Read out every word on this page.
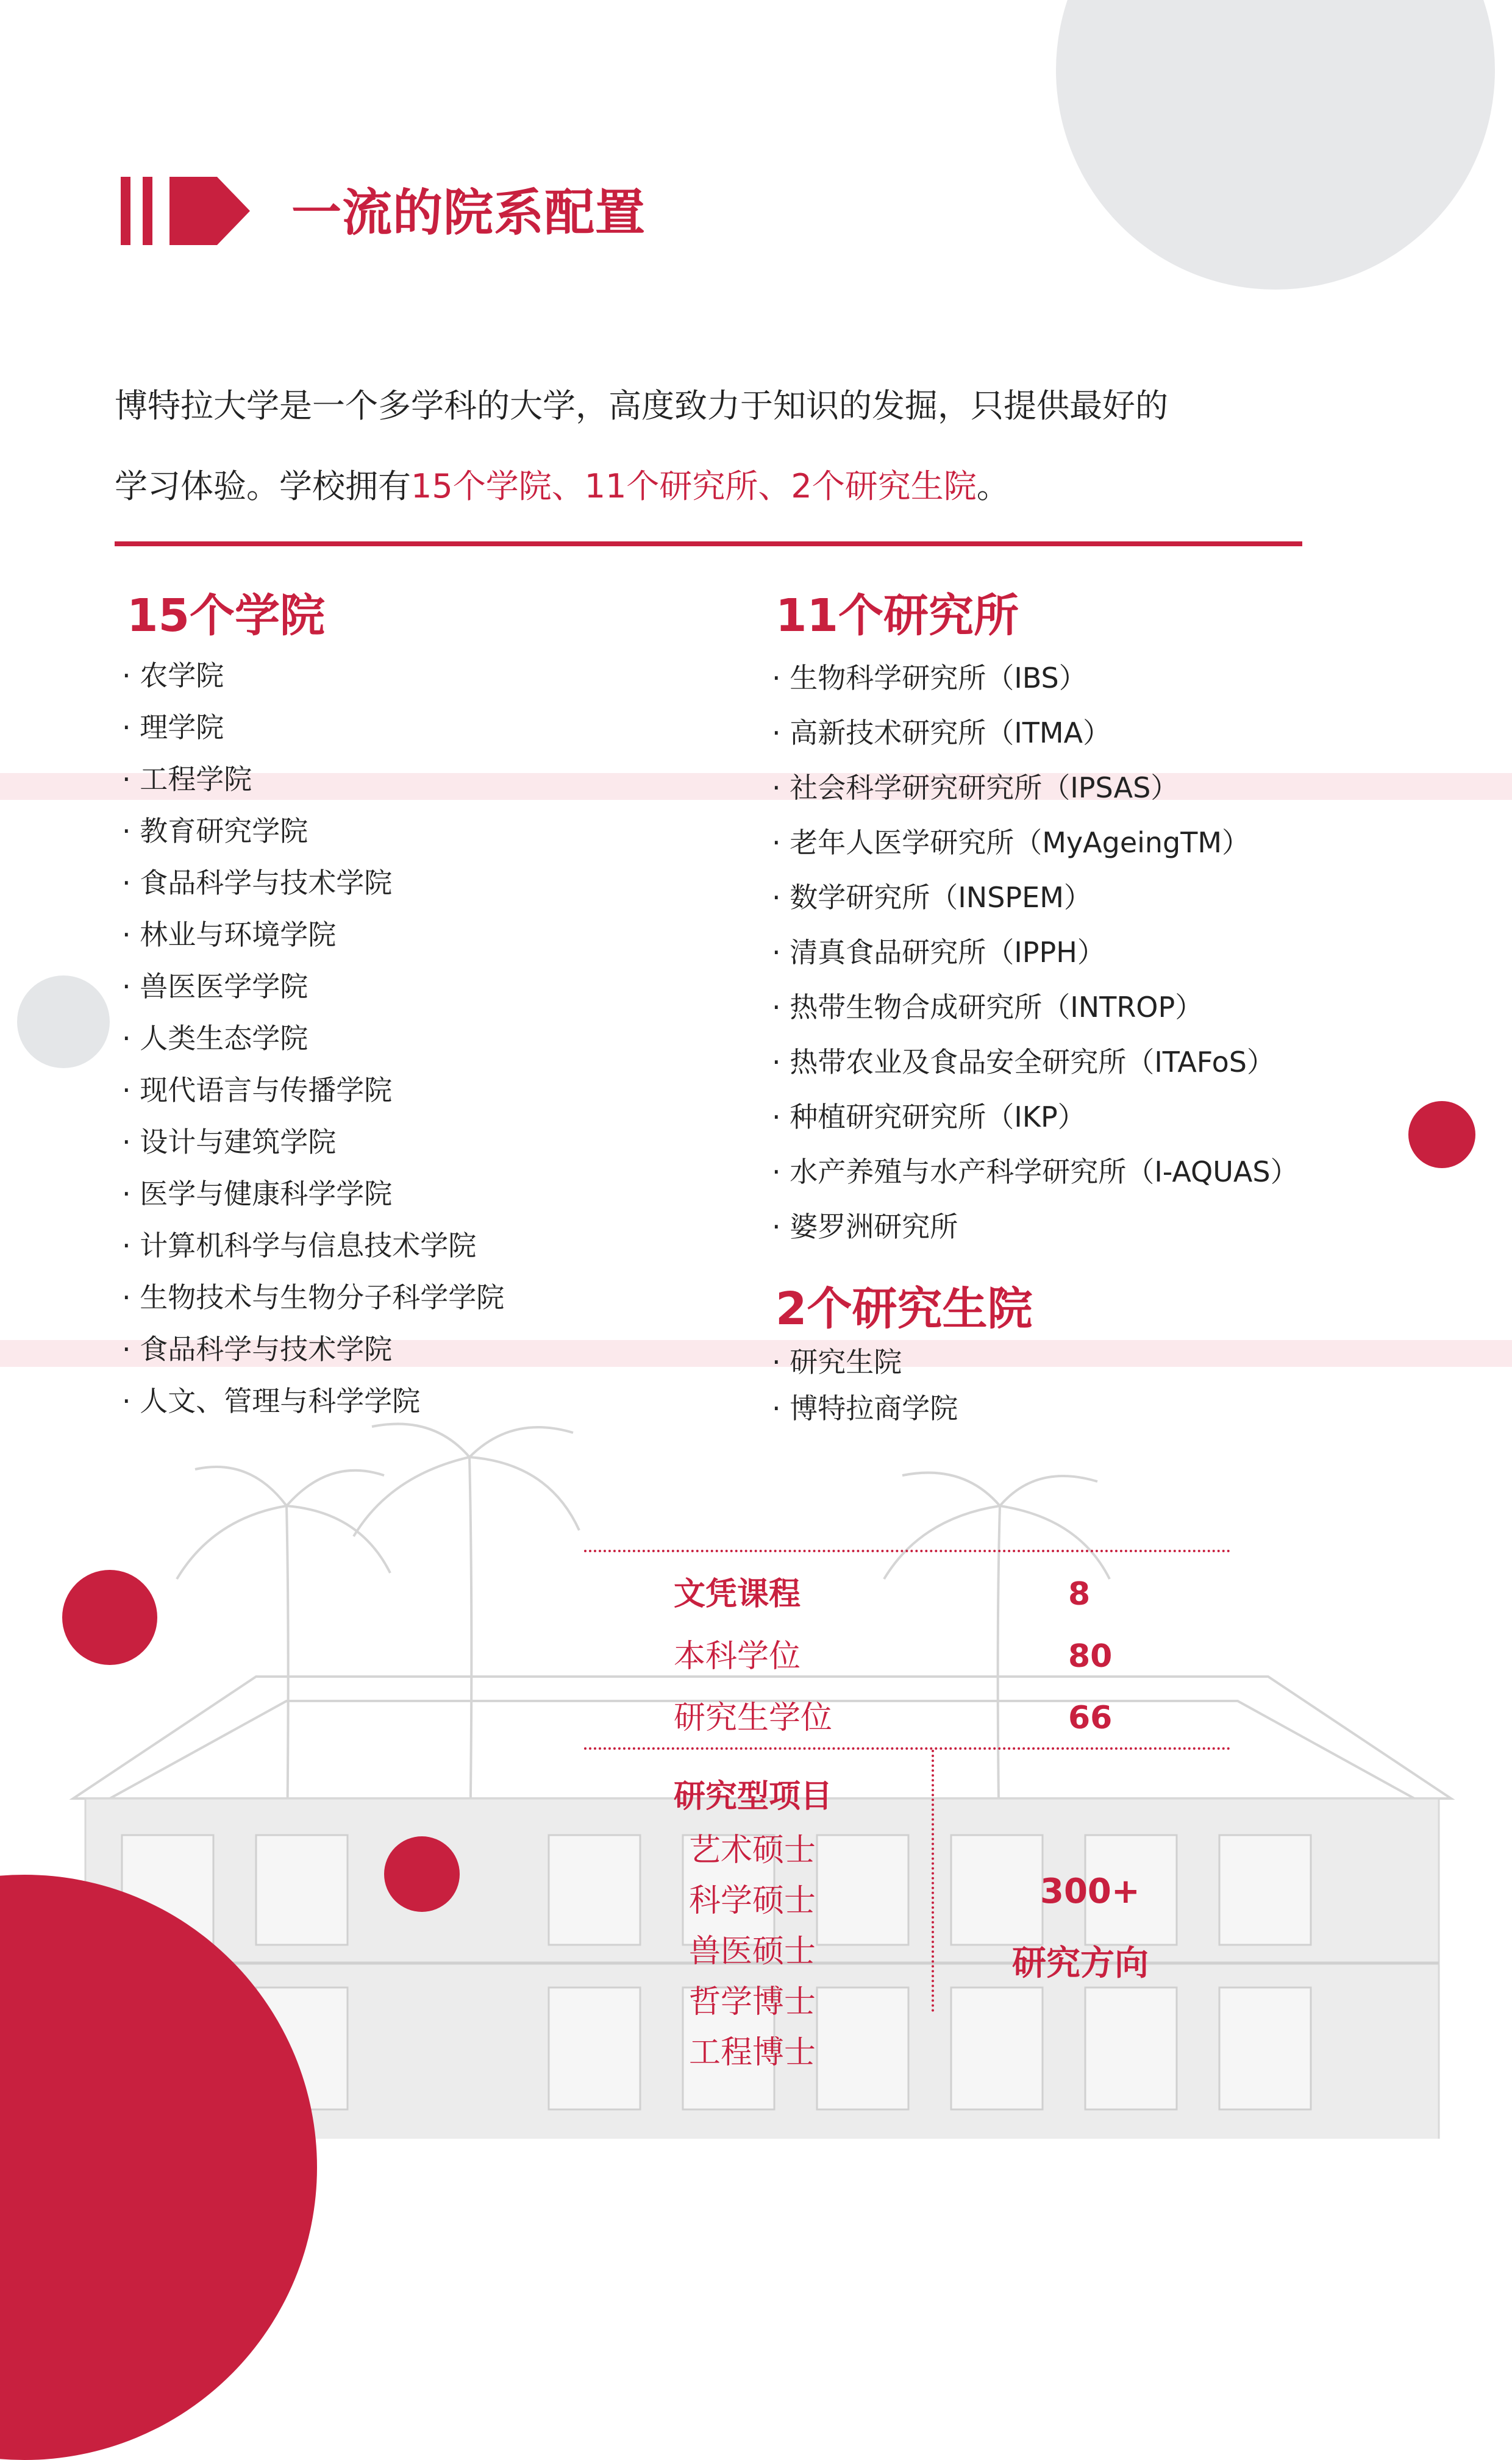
一流的院系配置
博特拉大学是一个多学科的大学，高度致力于知识的发掘，只提供最好的
学习体验。学校拥有15个学院、11个研究所、2个研究生院。
15个学院
· 农学院
· 理学院
· 工程学院
· 教育研究学院
· 食品科学与技术学院
· 林业与环境学院
· 兽医医学学院
· 人类生态学院
· 现代语言与传播学院
· 设计与建筑学院
· 医学与健康科学学院
· 计算机科学与信息技术学院
· 生物技术与生物分子科学学院
· 食品科学与技术学院
· 人文、管理与科学学院
11个研究所
· 生物科学研究所（IBS）
· 高新技术研究所（ITMA）
· 社会科学研究研究所（IPSAS）
· 老年人医学研究所（MyAgeingTM）
· 数学研究所（INSPEM）
· 清真食品研究所（IPPH）
· 热带生物合成研究所（INTROP）
· 热带农业及食品安全研究所（ITAFoS）
· 种植研究研究所（IKP）
· 水产养殖与水产科学研究所（I-AQUAS）
· 婆罗洲研究所
2个研究生院
· 研究生院
· 博特拉商学院
文凭课程	8
本科学位	80
研究生学位	66
研究型项目
艺术硕士
科学硕士
兽医硕士
哲学博士
工程博士
300+
研究方向
